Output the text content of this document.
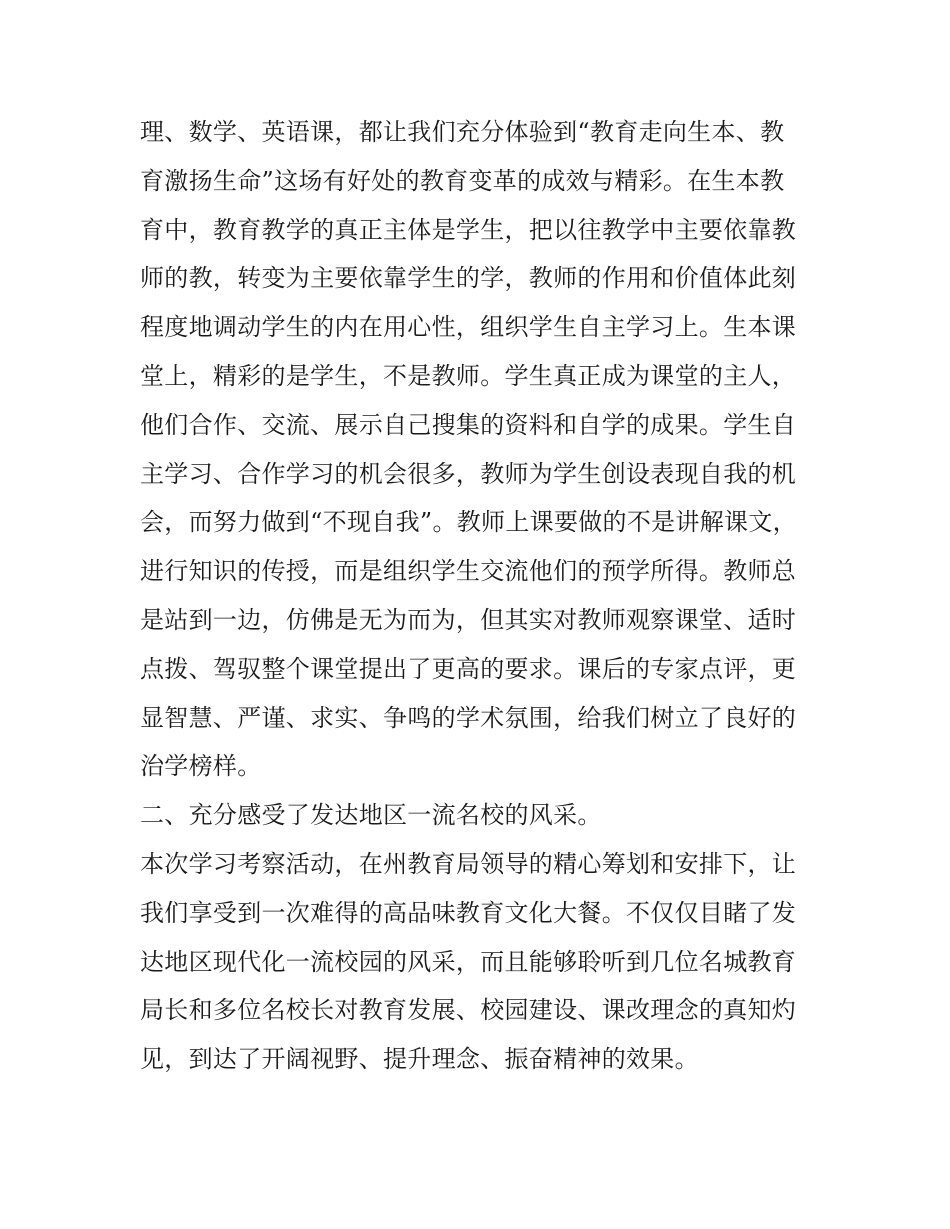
理、数学、英语课，都让我们充分体验到“教育走向生本、教
育激扬生命”这场有好处的教育变革的成效与精彩。在生本教
育中，教育教学的真正主体是学生，把以往教学中主要依靠教
师的教，转变为主要依靠学生的学，教师的作用和价值体此刻
程度地调动学生的内在用心性，组织学生自主学习上。生本课
堂上，精彩的是学生，不是教师。学生真正成为课堂的主人，
他们合作、交流、展示自己搜集的资料和自学的成果。学生自
主学习、合作学习的机会很多，教师为学生创设表现自我的机
会，而努力做到“不现自我”。教师上课要做的不是讲解课文，
进行知识的传授，而是组织学生交流他们的预学所得。教师总
是站到一边，仿佛是无为而为，但其实对教师观察课堂、适时
点拨、驾驭整个课堂提出了更高的要求。课后的专家点评，更
显智慧、严谨、求实、争鸣的学术氛围，给我们树立了良好的
治学榜样。
二、充分感受了发达地区一流名校的风采。
本次学习考察活动，在州教育局领导的精心筹划和安排下，让
我们享受到一次难得的高品味教育文化大餐。不仅仅目睹了发
达地区现代化一流校园的风采，而且能够聆听到几位名城教育
局长和多位名校长对教育发展、校园建设、课改理念的真知灼
见，到达了开阔视野、提升理念、振奋精神的效果。
